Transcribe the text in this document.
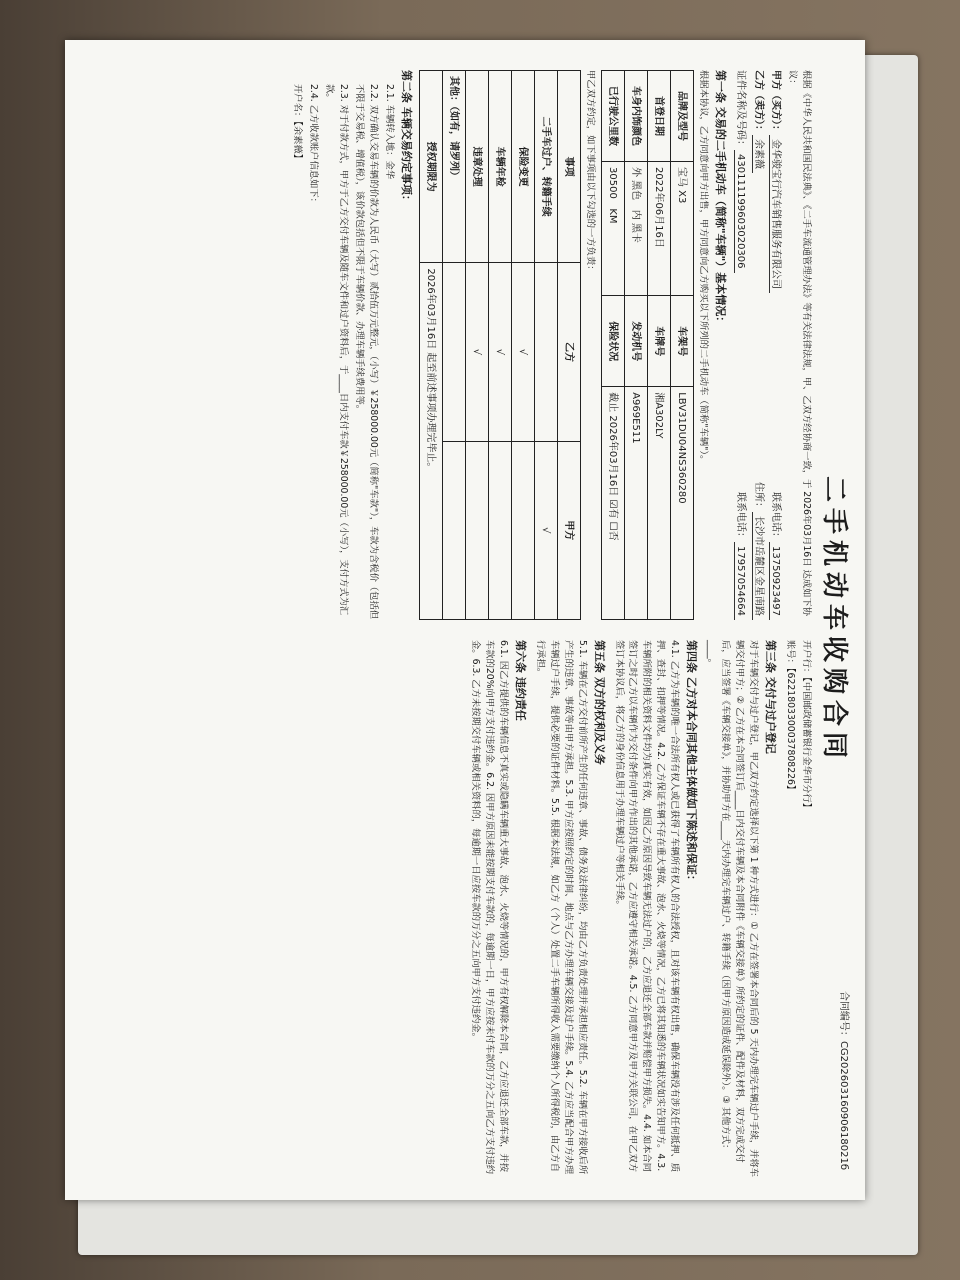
二手机动车收购合同
合同编号：CG20260316090618021б
根据《中华人民共和国民法典》、《二手车流通管理办法》等有关法律法规，甲、乙双方经协商一致，于 2026年03月16日 达成如下协议：
甲方（买方）：金华骏宝行汽车销售服务有限公司
联系电话：13750923497
乙方（卖方）：余素薇
住所：长沙市岳麓区金星南路
证件名称及号码：430111199603020306
联系电话：17957054664
第一条 交易的二手机动车（简称"车辆"）基本情况：
根据本协议，乙方同意向甲方出售，甲方同意向乙方购买以下所列的二手机动车（简称"车辆"）。
品牌及型号	宝马 X3	车架号	LBV31DU04NS360280
首登日期	2022年06月16日	车牌号	湘A302LY
车身内饰颜色	外 黑色   内 黑卡	发动机号	A969E511
已行驶公里数	30500   KM	保险状况	截止 2026年03月16日 ☑有 ☐否
甲乙双方约定，如下事项由以下勾选的一方负责：
事项	乙方	甲方
二手车过户、转籍手续		√
保险变更	√	
车辆年检	√	
违章处理	√	
其他：（如有，请罗列）		
授权期限为	2026年03月16日 起至前述事项办理完毕止。	
第二条 车辆交易约定事项：
2.1. 车辆转入地：金华
2.2. 双方确认交易车辆的价款为人民币（大写）贰拾伍万元整元，（小写）￥258000.00元（简称"车款"），车款为含税价（包括但不限于交易税、增值税），该价款包括但不限于车辆价款、办理车辆手续费用等。
2.3. 对于付款方式，甲方于乙方交付车辆及随车文件和过户资料后，于____日内支付车款￥258000.00元（小写），支付方式为汇款。
2.4. 乙方收款账户信息如下：
开户名：【余素薇】
开户行：【中国邮政储蓄银行金华市分行】
账号：【6221803300037808226】
第三条 交付与过户登记
对于车辆交付与过户登记，甲乙双方约定选择以下第 1 种方式进行：① 乙方在签署本合同后的 5 天内办理完车辆过户手续，并将车辆交付甲方；② 乙方在本合同签订后____日内交付车辆及本合同附件《车辆交接单》所约定的证件、配件及材料，双方完成交付后，应当签署《车辆交接单》，并协助甲方在____天内办理完车辆过户、转籍手续（因甲方原因造成延误除外）。③ 其他方式：____。
第四条 乙方对本合同其他主体做如下陈述和保证：
4.1. 乙方为车辆的唯一合法所有权人或已获得了车辆所有权人的合法授权，且对该车辆有权出售，确保车辆没有涉及任何抵押、质押、查封、扣押等情况。4.2. 乙方保证车辆不存在重大事故、泡水、火烧等情况，乙方已将其知悉的车辆状况如实告知甲方。4.3. 车辆所附的相关资料文件均为真实有效，如因乙方原因导致车辆无法过户的，乙方应退还全部车款并赔偿甲方损失。4.4. 如本合同签订之时乙方以车辆作为交付条件向甲方作出的其他承诺，乙方应遵守相关承诺。4.5. 乙方同意甲方及甲方关联公司，在甲乙双方签订本协议后，将乙方的身份信息用于办理车辆过户等相关手续。
第五条 双方的权利及义务
5.1. 车辆在乙方交付前所产生的任何违章、事故、债务及法律纠纷，均由乙方负责处理并承担相应责任。5.2. 车辆在甲方接收后所产生的违章、事故等由甲方承担。5.3. 甲方应按照约定的时间、地点与乙方办理车辆交接及过户手续。5.4. 乙方应当配合甲方办理车辆过户手续，提供必要的证件材料。5.5. 根据本法规，如乙方（个人）处置二手车辆所得收入需要缴纳个人所得税的，由乙方自行承担。
第六条 违约责任
6.1. 因乙方提供的车辆信息不真实或隐瞒车辆重大事故、泡水、火烧等情况的，甲方有权解除本合同，乙方应退还全部车款，并按车款的20%向甲方支付违约金。6.2. 因甲方原因未能按期支付车款的，每逾期一日，甲方应按未付车款的万分之五向乙方支付违约金。6.3. 乙方未按期交付车辆或相关资料的，每逾期一日应按车款的万分之五向甲方支付违约金。
